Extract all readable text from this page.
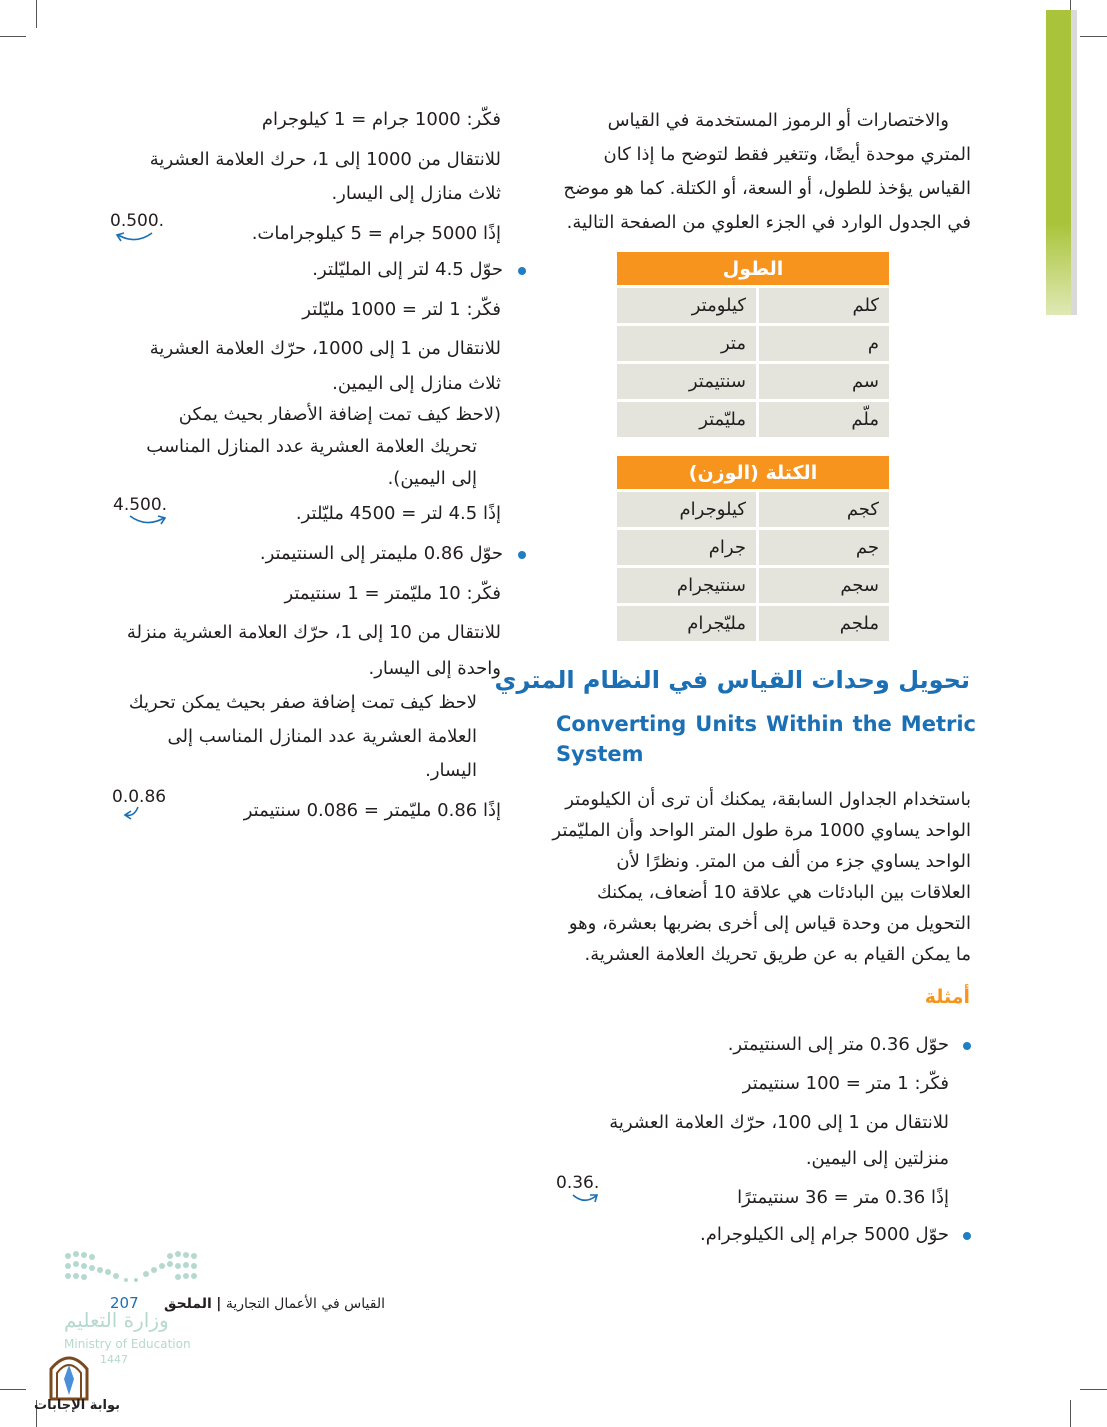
والاختصارات أو الرموز المستخدمة في القياس
المتري موحدة أيضًا، وتتغير فقط لتوضح ما إذا كان
القياس يؤخذ للطول، أو السعة، أو الكتلة. كما هو موضح
في الجدول الوارد في الجزء العلوي من الصفحة التالية.
الطول	
كلم	كيلومتر
م	متر
سم	سنتيمتر
ملّم	مليّمتر
الكتلة (الوزن)	
كجم	كيلوجرام
جم	جرام
سجم	سنتيجرام
ملجم	مليّجرام
تحويل وحدات القياس في النظام المتري
Converting Units Within the Metric
System
باستخدام الجداول السابقة، يمكنك أن ترى أن الكيلومتر
الواحد يساوي 1000 مرة طول المتر الواحد وأن المليّمتر
الواحد يساوي جزء من ألف من المتر. ونظرًا لأن
العلاقات بين البادئات هي علاقة 10 أضعاف، يمكنك
التحويل من وحدة قياس إلى أخرى بضربها بعشرة، وهو
ما يمكن القيام به عن طريق تحريك العلامة العشرية.
أمثلة
حوّل 0.36 متر إلى السنتيمتر.
فكّر: 1 متر = 100 سنتيمتر
للانتقال من 1 إلى 100، حرّك العلامة العشرية
منزلتين إلى اليمين.
0.36.
إذًا 0.36 متر = 36 سنتيمترًا
حوّل 5000 جرام إلى الكيلوجرام.
فكّر: 1000 جرام = 1 كيلوجرام
للانتقال من 1000 إلى 1، حرك العلامة العشرية
ثلاث منازل إلى اليسار.
0.500.
إذًا 5000 جرام = 5 كيلوجرامات.
حوّل 4.5 لتر إلى المليّلتر.
فكّر: 1 لتر = 1000 مليّلتر
للانتقال من 1 إلى 1000، حرّك العلامة العشرية
ثلاث منازل إلى اليمين.
(لاحظ كيف تمت إضافة الأصفار بحيث يمكن
تحريك العلامة العشرية عدد المنازل المناسب
إلى اليمين).
4.500.	إذًا 4.5 لتر = 4500 مليّلتر.
حوّل 0.86 مليمتر إلى السنتيمتر.
فكّر: 10 مليّمتر = 1 سنتيمتر
للانتقال من 10 إلى 1، حرّك العلامة العشرية منزلة
واحدة إلى اليسار.
لاحظ كيف تمت إضافة صفر بحيث يمكن تحريك
العلامة العشرية عدد المنازل المناسب إلى
اليسار.
0.0.86
إذًا 0.86 مليّمتر = 0.086 سنتيمتر
القياس في الأعمال التجارية | الملحق
207
وزارة التعليم
Ministry of Education
1447
بوابة الإجابات
